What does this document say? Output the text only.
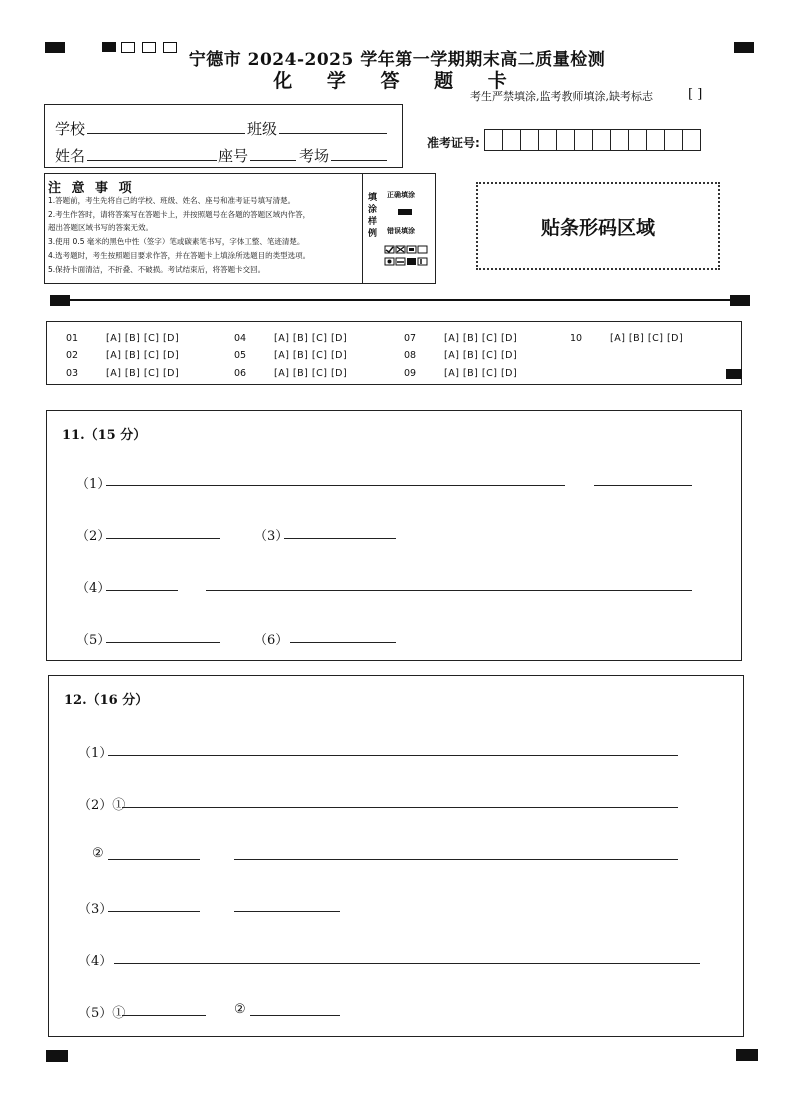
宁德市 2024-2025 学年第一学期期末高二质量检测
化 学 答 题 卡
考生严禁填涂,监考教师填涂,缺考标志	[ ]
学校	班级
姓名	座号	考场
准考证号:
注 意 事 项
1.答题前，考生先将自己的学校、班级、姓名、座号和准考证号填写清楚。
2.考生作答时，请将答案写在答题卡上，并按照题号在各题的答题区域内作答，
超出答题区域书写的答案无效。
3.使用 0.5 毫米的黑色中性（签字）笔或碳素笔书写，字体工整、笔迹清楚。
4.选考题时，考生按照题目要求作答，并在答题卡上填涂所选题目的类型选项。
5.保持卡面清洁，不折叠、不破损。考试结束后，将答题卡交回。
填涂样例
正确填涂
错误填涂	贴条形码区域
01	[A] [B] [C] [D]
02	[A] [B] [C] [D]
03	[A] [B] [C] [D]
04	[A] [B] [C] [D]
05	[A] [B] [C] [D]
06	[A] [B] [C] [D]
07	[A] [B] [C] [D]
08	[A] [B] [C] [D]
09	[A] [B] [C] [D]
10	[A] [B] [C] [D]
11.（15 分）
（1）
（2）	（3）
（4）
（5）	（6）
12.（16 分）
（1）
（2）①
②
（3）
（4）
（5）①	②
